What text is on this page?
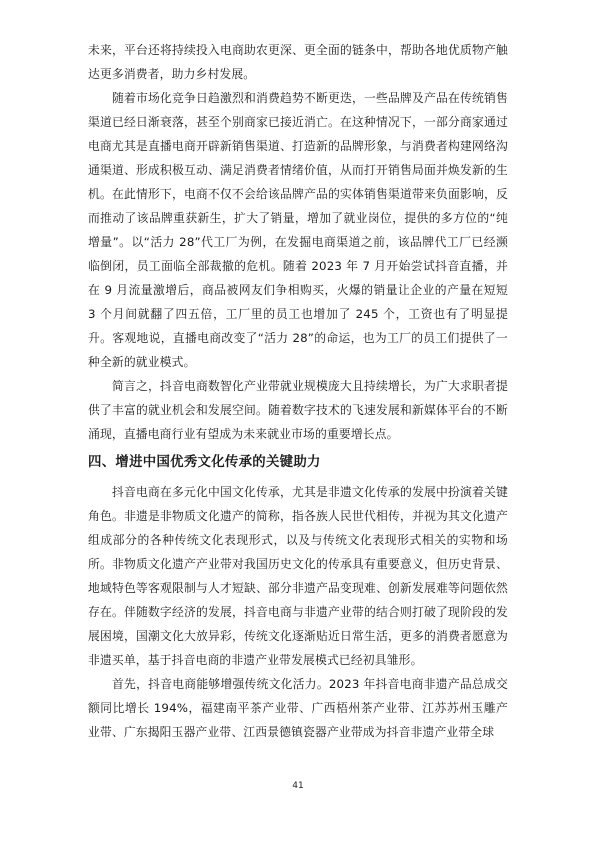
未来，平台还将持续投入电商助农更深、更全面的链条中，帮助各地优质物产触达更多消费者，助力乡村发展。

随着市场化竞争日趋激烈和消费趋势不断更迭，一些品牌及产品在传统销售渠道已经日渐衰落，甚至个别商家已接近消亡。在这种情况下，一部分商家通过电商尤其是直播电商开辟新销售渠道、打造新的品牌形象，与消费者构建网络沟通渠道、形成积极互动、满足消费者情绪价值，从而打开销售局面并焕发新的生机。在此情形下，电商不仅不会给该品牌产品的实体销售渠道带来负面影响，反而推动了该品牌重获新生，扩大了销量，增加了就业岗位，提供的多方位的“纯增量”。以“活力 28”代工厂为例，在发掘电商渠道之前，该品牌代工厂已经濒临倒闭，员工面临全部裁撤的危机。随着 2023 年 7 月开始尝试抖音直播，并在 9 月流量激增后，商品被网友们争相购买，火爆的销量让企业的产量在短短 3 个月间就翻了四五倍，工厂里的员工也增加了 245 个，工资也有了明显提升。客观地说，直播电商改变了“活力 28”的命运，也为工厂的员工们提供了一种全新的就业模式。

简言之，抖音电商数智化产业带就业规模庞大且持续增长，为广大求职者提供了丰富的就业机会和发展空间。随着数字技术的飞速发展和新媒体平台的不断涌现，直播电商行业有望成为未来就业市场的重要增长点。

四、增进中国优秀文化传承的关键助力

抖音电商在多元化中国文化传承，尤其是非遗文化传承的发展中扮演着关键角色。非遗是非物质文化遗产的简称，指各族人民世代相传，并视为其文化遗产组成部分的各种传统文化表现形式，以及与传统文化表现形式相关的实物和场所。非物质文化遗产产业带对我国历史文化的传承具有重要意义，但历史背景、地域特色等客观限制与人才短缺、部分非遗产品变现难、创新发展难等问题依然存在。伴随数字经济的发展，抖音电商与非遗产业带的结合则打破了现阶段的发展困境，国潮文化大放异彩，传统文化逐渐贴近日常生活，更多的消费者愿意为非遗买单，基于抖音电商的非遗产业带发展模式已经初具雏形。

首先，抖音电商能够增强传统文化活力。2023 年抖音电商非遗产品总成交额同比增长 194%，福建南平茶产业带、广西梧州茶产业带、江苏苏州玉雕产业带、广东揭阳玉器产业带、江西景德镇瓷器产业带成为抖音非遗产业带全球

41
